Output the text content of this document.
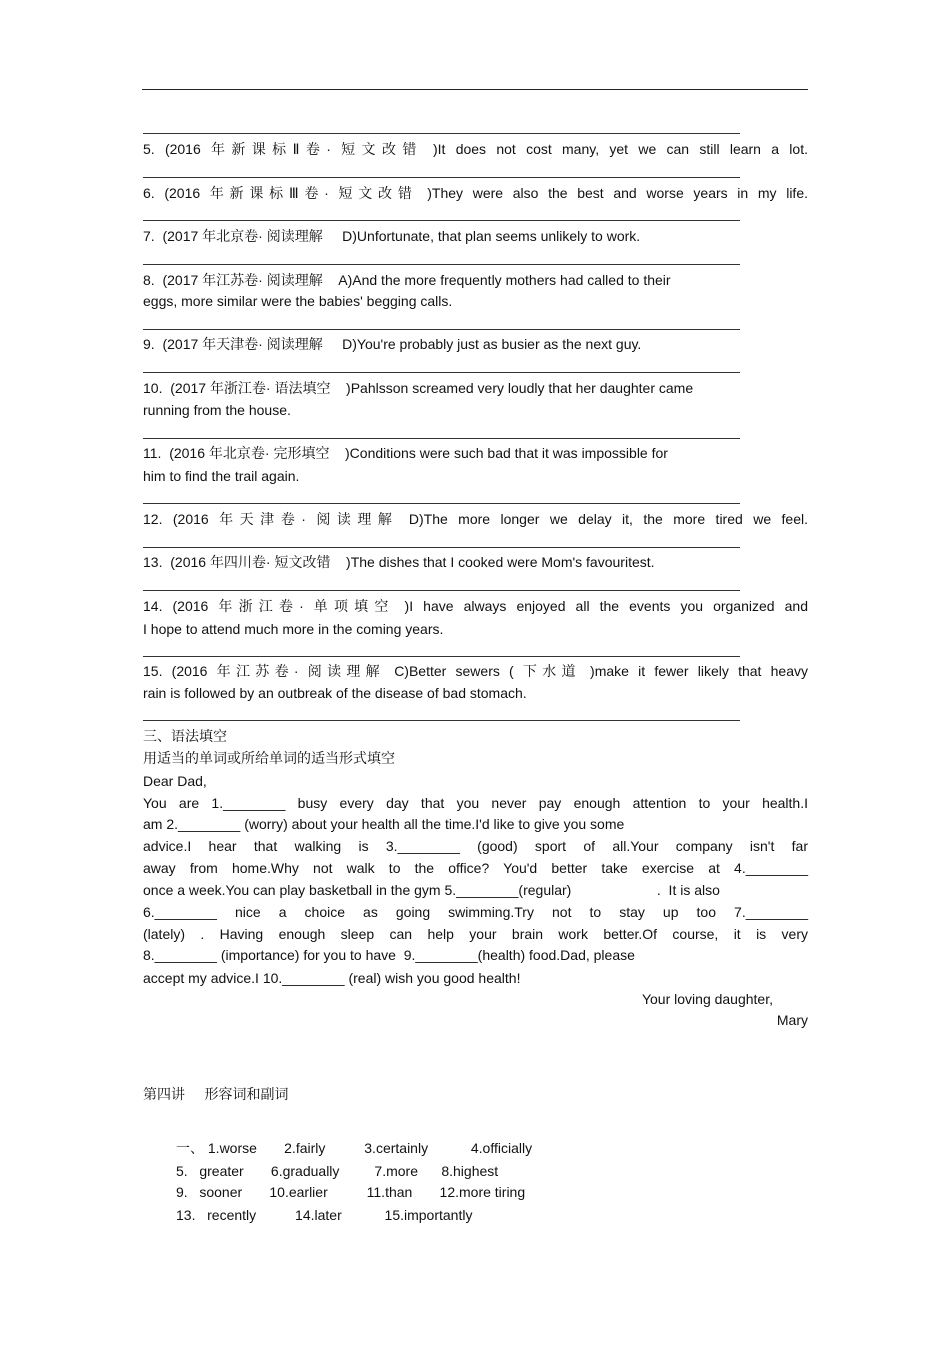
5. (2016 年新课标Ⅱ卷· 短文改错 )It does not cost many, yet we can still learn a lot.
6. (2016 年新课标Ⅲ卷· 短文改错 )They were also the best and worse years in my life.
7.  (2017 年北京卷· 阅读理解     D)Unfortunate, that plan seems unlikely to work.
8.  (2017 年江苏卷· 阅读理解    A)And the more frequently mothers had called to their
eggs, more similar were the babies' begging calls.
9.  (2017 年天津卷· 阅读理解     D)You're probably just as busier as the next guy.
10.  (2017 年浙江卷· 语法填空    )Pahlsson screamed very loudly that her daughter came
running from the house.
11.  (2016 年北京卷· 完形填空    )Conditions were such bad that it was impossible for
him to find the trail again.
12. (2016 年天津卷· 阅读理解 D)The more longer we delay it, the more tired we feel.
13.  (2016 年四川卷· 短文改错    )The dishes that I cooked were Mom's favouritest.
14. (2016 年浙江卷· 单项填空 )I have always enjoyed all the events you organized and
I hope to attend much more in the coming years.
15. (2016 年江苏卷· 阅读理解 C)Better sewers ( 下水道 )make it fewer likely that heavy
rain is followed by an outbreak of the disease of bad stomach.
三、语法填空
用适当的单词或所给单词的适当形式填空
Dear Dad,
You are 1.________ busy every day that you never pay enough attention to your health.I
am 2.________ (worry) about your health all the time.I'd like to give you some
advice.I hear that walking is 3.________ (good) sport of all.Your company isn't far
away from home.Why not walk to the office? You'd better take exercise at 4.________
once a week.You can play basketball in the gym 5.________(regular)                      .  It is also
6.________ nice a choice as going swimming.Try not to stay up too 7.________
(lately) . Having enough sleep can help your brain work better.Of course, it is very
8.________ (importance) for you to have  9.________(health) food.Dad, please
accept my advice.I 10.________ (real) wish you good health!
Your loving daughter,
Mary
第四讲     形容词和副词
一、 1.worse       2.fairly          3.certainly           4.officially
5.   greater       6.gradually         7.more      8.highest
9.   sooner       10.earlier          11.than       12.more tiring
13.   recently          14.later           15.importantly
